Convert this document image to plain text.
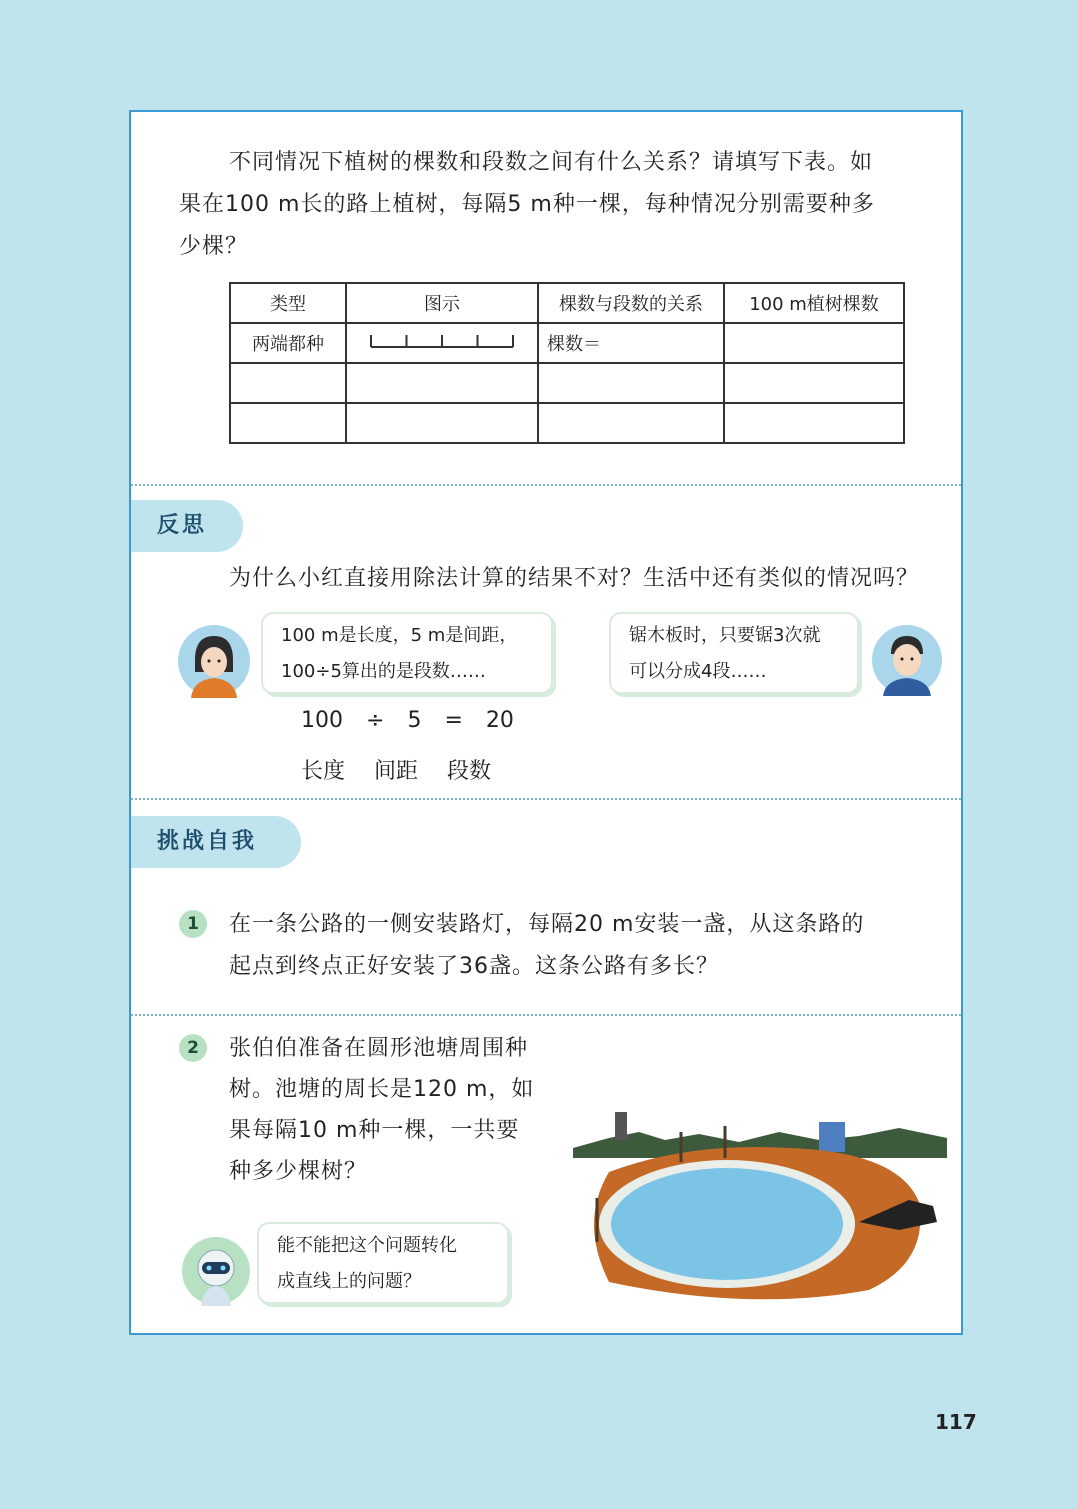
不同情况下植树的棵数和段数之间有什么关系？请填写下表。如
果在100 m长的路上植树，每隔5 m种一棵，每种情况分别需要种多
少棵？
类型	图示	棵数与段数的关系	100 m植树棵数
两端都种		棵数＝	

反思
为什么小红直接用除法计算的结果不对？生活中还有类似的情况吗？
100 m是长度，5 m是间距，
100÷5算出的是段数……
锯木板时，只要锯3次就
可以分成4段……
100 ÷ 5 = 20
长度 间距 段数
挑战自我
1	在一条公路的一侧安装路灯，每隔20 m安装一盏，从这条路的
起点到终点正好安装了36盏。这条公路有多长？
2	张伯伯准备在圆形池塘周围种
树。池塘的周长是120 m，如
果每隔10 m种一棵，一共要
种多少棵树？
能不能把这个问题转化
成直线上的问题？
117
